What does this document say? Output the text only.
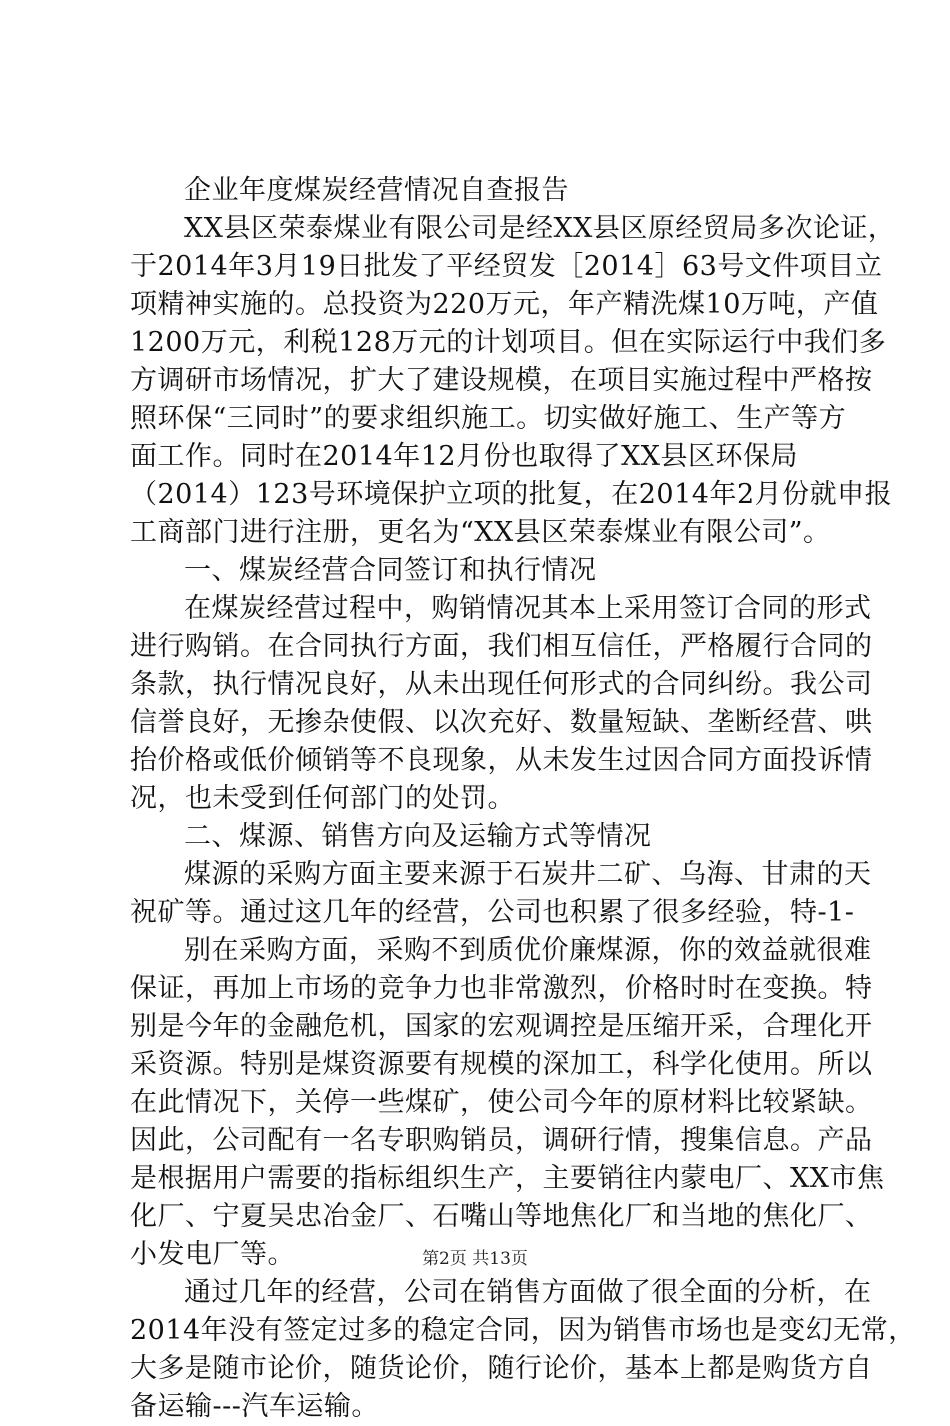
企业年度煤炭经营情况自查报告
XX县区荣泰煤业有限公司是经XX县区原经贸局多次论证，
于2014年3月19日批发了平经贸发［2014］63号文件项目立
项精神实施的。总投资为220万元，年产精洗煤10万吨，产值
1200万元，利税128万元的计划项目。但在实际运行中我们多
方调研市场情况，扩大了建设规模，在项目实施过程中严格按
照环保“三同时”的要求组织施工。切实做好施工、生产等方
面工作。同时在2014年12月份也取得了XX县区环保局
（2014）123号环境保护立项的批复，在2014年2月份就申报
工商部门进行注册，更名为“XX县区荣泰煤业有限公司”。
一、煤炭经营合同签订和执行情况
在煤炭经营过程中，购销情况其本上采用签订合同的形式
进行购销。在合同执行方面，我们相互信任，严格履行合同的
条款，执行情况良好，从未出现任何形式的合同纠纷。我公司
信誉良好，无掺杂使假、以次充好、数量短缺、垄断经营、哄
抬价格或低价倾销等不良现象，从未发生过因合同方面投诉情
况，也未受到任何部门的处罚。
二、煤源、销售方向及运输方式等情况
煤源的采购方面主要来源于石炭井二矿、乌海、甘肃的天
祝矿等。通过这几年的经营，公司也积累了很多经验，特-1-
别在采购方面，采购不到质优价廉煤源，你的效益就很难
保证，再加上市场的竞争力也非常激烈，价格时时在变换。特
别是今年的金融危机，国家的宏观调控是压缩开采，合理化开
采资源。特别是煤资源要有规模的深加工，科学化使用。所以
在此情况下，关停一些煤矿，使公司今年的原材料比较紧缺。
因此，公司配有一名专职购销员，调研行情，搜集信息。产品
是根据用户需要的指标组织生产，主要销往内蒙电厂、XX市焦
化厂、宁夏吴忠冶金厂、石嘴山等地焦化厂和当地的焦化厂、
小发电厂等。
通过几年的经营，公司在销售方面做了很全面的分析，在
2014年没有签定过多的稳定合同，因为销售市场也是变幻无常，
大多是随市论价，随货论价，随行论价，基本上都是购货方自
备运输---汽车运输。
第2页 共13页
